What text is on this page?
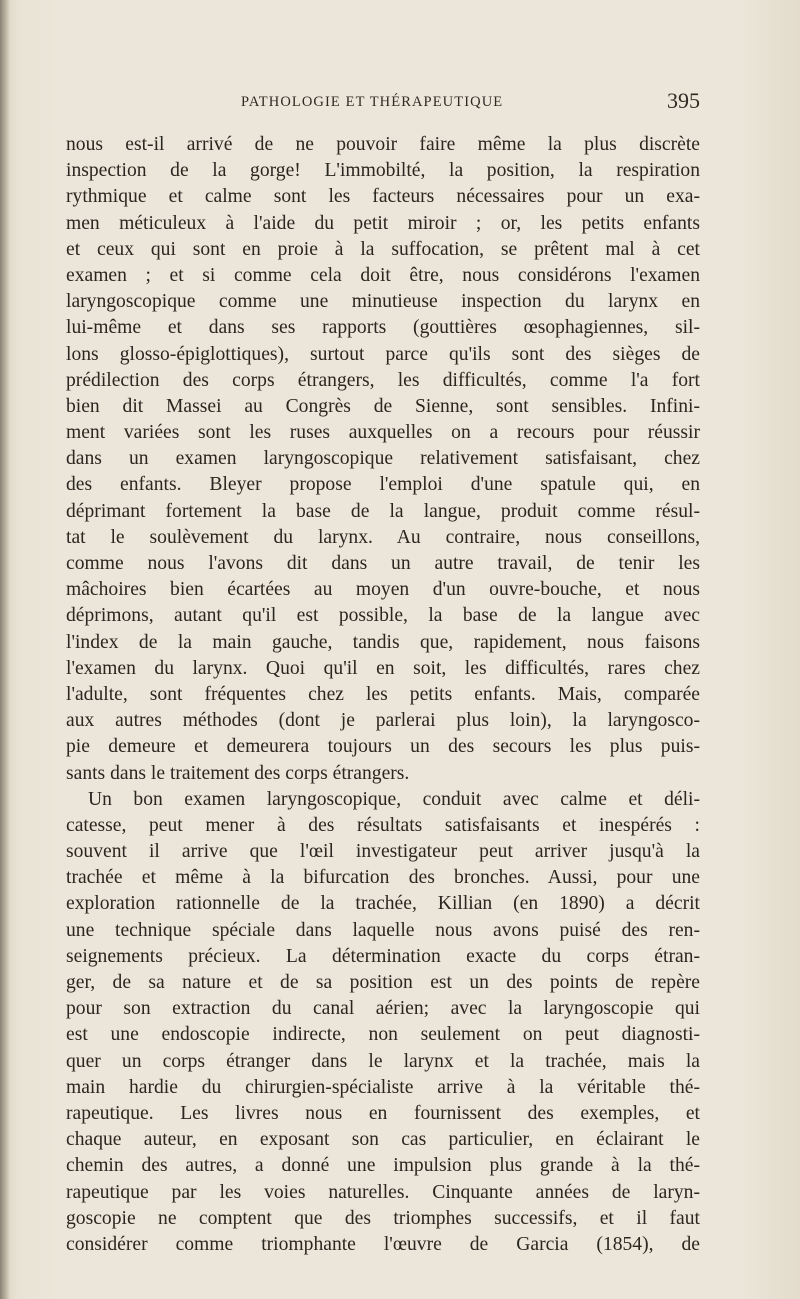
PATHOLOGIE ET THÉRAPEUTIQUE	395
nous est-il arrivé de ne pouvoir faire même la plus discrète
inspection de la gorge! L'immobilté, la position, la respiration
rythmique et calme sont les facteurs nécessaires pour un exa-
men méticuleux à l'aide du petit miroir ; or, les petits enfants
et ceux qui sont en proie à la suffocation, se prêtent mal à cet
examen ; et si comme cela doit être, nous considérons l'examen
laryngoscopique comme une minutieuse inspection du larynx en
lui-même et dans ses rapports (gouttières œsophagiennes, sil-
lons glosso-épiglottiques), surtout parce qu'ils sont des sièges de
prédilection des corps étrangers, les difficultés, comme l'a fort
bien dit Massei au Congrès de Sienne, sont sensibles. Infini-
ment variées sont les ruses auxquelles on a recours pour réussir
dans un examen laryngoscopique relativement satisfaisant, chez
des enfants. Bleyer propose l'emploi d'une spatule qui, en
déprimant fortement la base de la langue, produit comme résul-
tat le soulèvement du larynx. Au contraire, nous conseillons,
comme nous l'avons dit dans un autre travail, de tenir les
mâchoires bien écartées au moyen d'un ouvre-bouche, et nous
déprimons, autant qu'il est possible, la base de la langue avec
l'index de la main gauche, tandis que, rapidement, nous faisons
l'examen du larynx. Quoi qu'il en soit, les difficultés, rares chez
l'adulte, sont fréquentes chez les petits enfants. Mais, comparée
aux autres méthodes (dont je parlerai plus loin), la laryngosco-
pie demeure et demeurera toujours un des secours les plus puis-
sants dans le traitement des corps étrangers.
Un bon examen laryngoscopique, conduit avec calme et déli-
catesse, peut mener à des résultats satisfaisants et inespérés :
souvent il arrive que l'œil investigateur peut arriver jusqu'à la
trachée et même à la bifurcation des bronches. Aussi, pour une
exploration rationnelle de la trachée, Killian (en 1890) a décrit
une technique spéciale dans laquelle nous avons puisé des ren-
seignements précieux. La détermination exacte du corps étran-
ger, de sa nature et de sa position est un des points de repère
pour son extraction du canal aérien; avec la laryngoscopie qui
est une endoscopie indirecte, non seulement on peut diagnosti-
quer un corps étranger dans le larynx et la trachée, mais la
main hardie du chirurgien-spécialiste arrive à la véritable thé-
rapeutique. Les livres nous en fournissent des exemples, et
chaque auteur, en exposant son cas particulier, en éclairant le
chemin des autres, a donné une impulsion plus grande à la thé-
rapeutique par les voies naturelles. Cinquante années de laryn-
goscopie ne comptent que des triomphes successifs, et il faut
considérer comme triomphante l'œuvre de Garcia (1854), de
